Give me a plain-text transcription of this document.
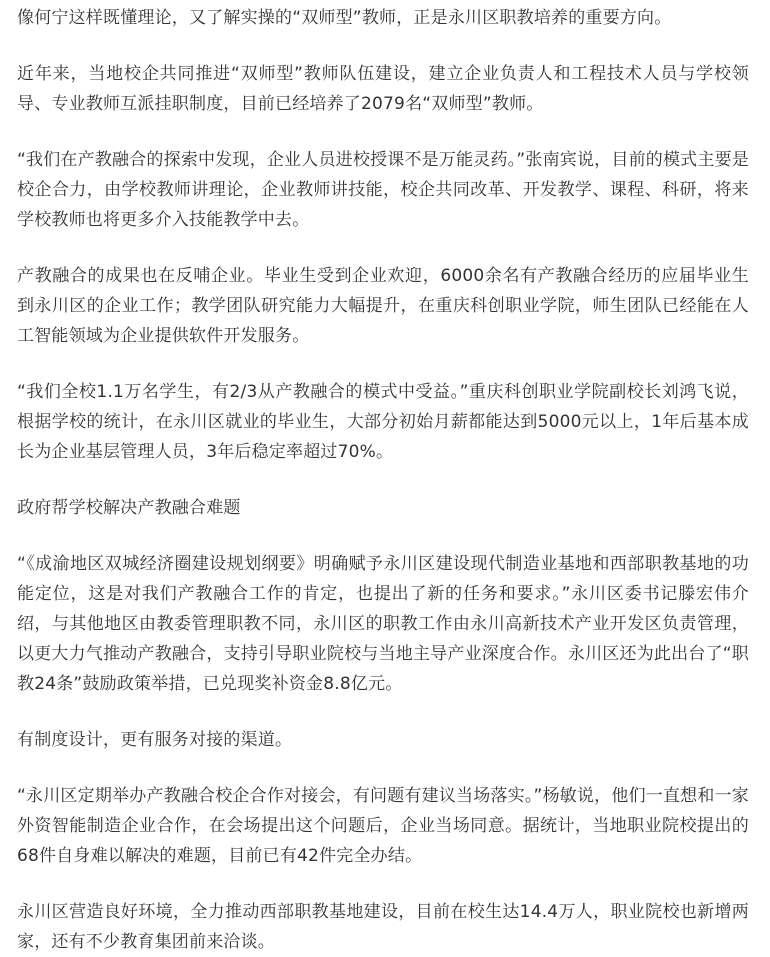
像何宁这样既懂理论，又了解实操的“双师型”教师，正是永川区职教培养的重要方向。

近年来，当地校企共同推进“双师型”教师队伍建设，建立企业负责人和工程技术人员与学校领导、专业教师互派挂职制度，目前已经培养了2079名“双师型”教师。

“我们在产教融合的探索中发现，企业人员进校授课不是万能灵药。”张南宾说，目前的模式主要是校企合力，由学校教师讲理论，企业教师讲技能，校企共同改革、开发教学、课程、科研，将来学校教师也将更多介入技能教学中去。

产教融合的成果也在反哺企业。毕业生受到企业欢迎，6000余名有产教融合经历的应届毕业生到永川区的企业工作；教学团队研究能力大幅提升，在重庆科创职业学院，师生团队已经能在人工智能领域为企业提供软件开发服务。

“我们全校1.1万名学生，有2/3从产教融合的模式中受益。”重庆科创职业学院副校长刘鸿飞说，根据学校的统计，在永川区就业的毕业生，大部分初始月薪都能达到5000元以上，1年后基本成长为企业基层管理人员，3年后稳定率超过70%。

政府帮学校解决产教融合难题

“《成渝地区双城经济圈建设规划纲要》明确赋予永川区建设现代制造业基地和西部职教基地的功能定位，这是对我们产教融合工作的肯定，也提出了新的任务和要求。”永川区委书记滕宏伟介绍，与其他地区由教委管理职教不同，永川区的职教工作由永川高新技术产业开发区负责管理，以更大力气推动产教融合，支持引导职业院校与当地主导产业深度合作。永川区还为此出台了“职教24条”鼓励政策举措，已兑现奖补资金8.8亿元。

有制度设计，更有服务对接的渠道。

“永川区定期举办产教融合校企合作对接会，有问题有建议当场落实。”杨敏说，他们一直想和一家外资智能制造企业合作，在会场提出这个问题后，企业当场同意。据统计，当地职业院校提出的68件自身难以解决的难题，目前已有42件完全办结。

永川区营造良好环境，全力推动西部职教基地建设，目前在校生达14.4万人，职业院校也新增两家，还有不少教育集团前来洽谈。
